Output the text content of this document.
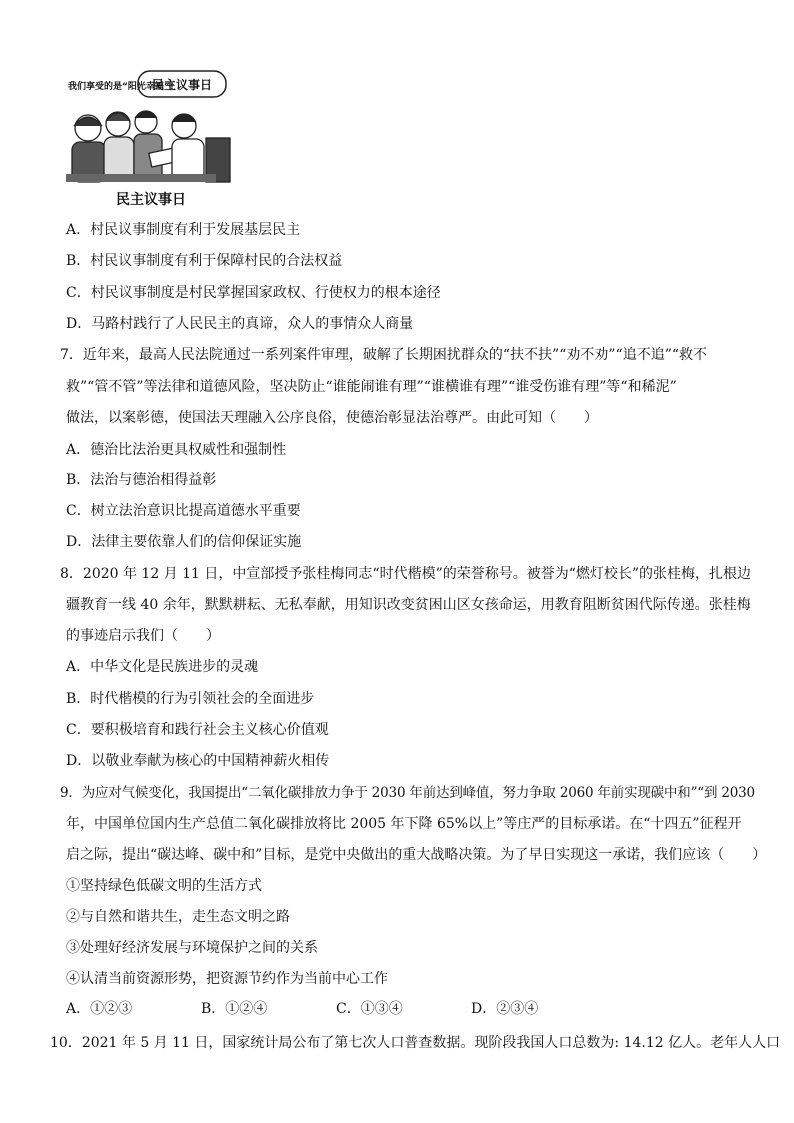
民主议事日
我们享受的是“阳光幸福”!
民主议事日
A．村民议事制度有利于发展基层民主
B．村民议事制度有利于保障村民的合法权益
C．村民议事制度是村民掌握国家政权、行使权力的根本途径
D．马路村践行了人民民主的真谛，众人的事情众人商量
7．近年来，最高人民法院通过一系列案件审理，破解了长期困扰群众的“扶不扶”“劝不劝”“追不追”“救不
救”“管不管”等法律和道德风险，坚决防止“谁能闹谁有理”“谁横谁有理”“谁受伤谁有理”等“和稀泥”
做法，以案彰德，使国法天理融入公序良俗，使德治彰显法治尊严。由此可知（　　）
A．德治比法治更具权威性和强制性
B．法治与德治相得益彰
C．树立法治意识比提高道德水平重要
D．法律主要依靠人们的信仰保证实施
8．2020 年 12 月 11 日，中宣部授予张桂梅同志“时代楷模”的荣誉称号。被誉为“燃灯校长”的张桂梅，扎根边
疆教育一线 40 余年，默默耕耘、无私奉献，用知识改变贫困山区女孩命运，用教育阻断贫困代际传递。张桂梅
的事迹启示我们（　　）
A．中华文化是民族进步的灵魂
B．时代楷模的行为引领社会的全面进步
C．要积极培育和践行社会主义核心价值观
D．以敬业奉献为核心的中国精神薪火相传
9．为应对气候变化，我国提出“二氧化碳排放力争于 2030 年前达到峰值，努力争取 2060 年前实现碳中和”“到 2030
年，中国单位国内生产总值二氧化碳排放将比 2005 年下降 65%以上”等庄严的目标承诺。在“十四五”征程开
启之际，提出“碳达峰、碳中和”目标，是党中央做出的重大战略决策。为了早日实现这一承诺，我们应该（　　）
①坚持绿色低碳文明的生活方式
②与自然和谐共生，走生态文明之路
③处理好经济发展与环境保护之间的关系
④认清当前资源形势，把资源节约作为当前中心工作
A．①②③	B．①②④	C．①③④	D．②③④
10．2021 年 5 月 11 日，国家统计局公布了第七次人口普查数据。现阶段我国人口总数为: 14.12 亿人。老年人人口
